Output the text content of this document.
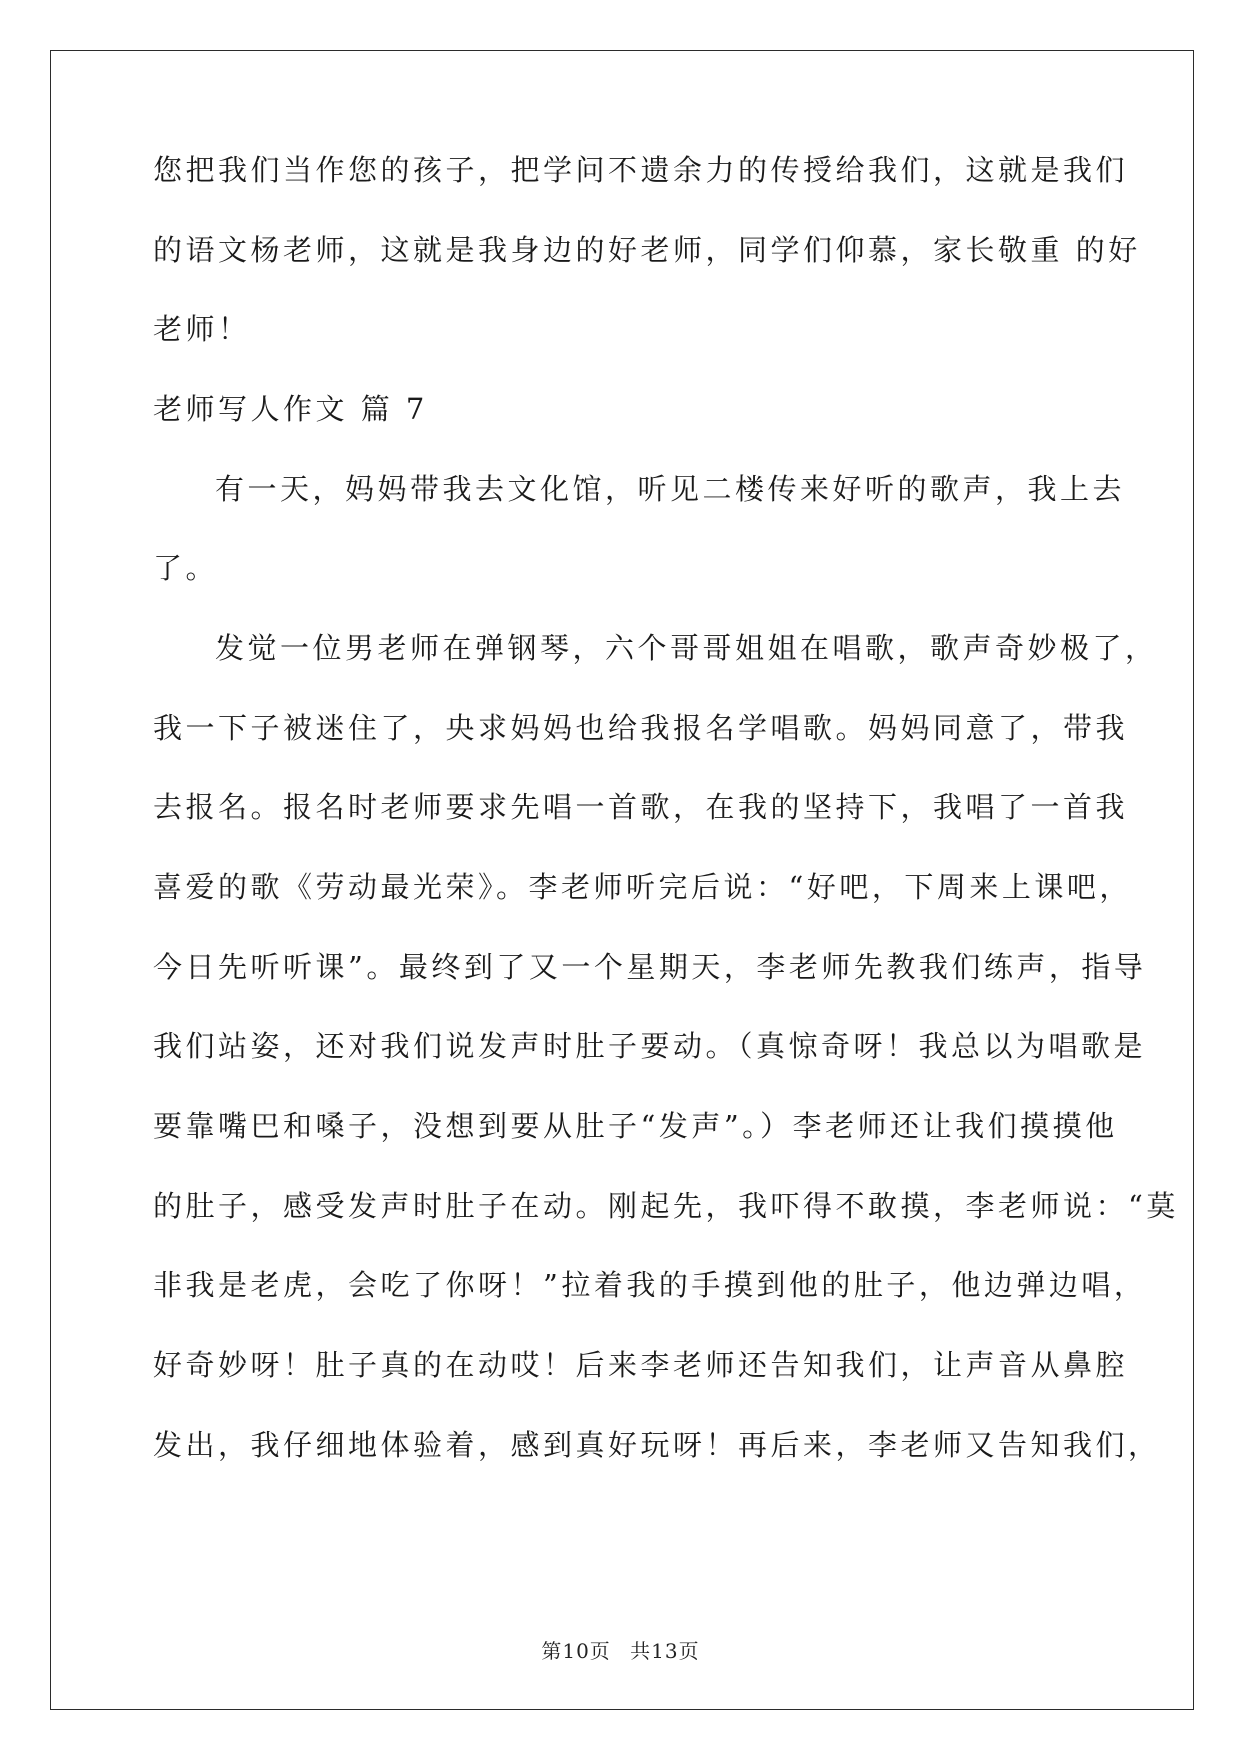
您把我们当作您的孩子，把学问不遗余力的传授给我们，这就是我们
的语文杨老师，这就是我身边的好老师，同学们仰慕，家长敬重 的好
老师！
老师写人作文 篇 7
有一天，妈妈带我去文化馆，听见二楼传来好听的歌声，我上去
了。
发觉一位男老师在弹钢琴，六个哥哥姐姐在唱歌，歌声奇妙极了，
我一下子被迷住了，央求妈妈也给我报名学唱歌。妈妈同意了，带我
去报名。报名时老师要求先唱一首歌，在我的坚持下，我唱了一首我
喜爱的歌《劳动最光荣》。李老师听完后说：“好吧，下周来上课吧，
今日先听听课”。最终到了又一个星期天，李老师先教我们练声，指导
我们站姿，还对我们说发声时肚子要动。（真惊奇呀！我总以为唱歌是
要靠嘴巴和嗓子，没想到要从肚子“发声”。）李老师还让我们摸摸他
的肚子，感受发声时肚子在动。刚起先，我吓得不敢摸，李老师说：“莫
非我是老虎，会吃了你呀！”拉着我的手摸到他的肚子，他边弹边唱，
好奇妙呀！肚子真的在动哎！后来李老师还告知我们，让声音从鼻腔
发出，我仔细地体验着，感到真好玩呀！再后来，李老师又告知我们，
第10页 共13页
